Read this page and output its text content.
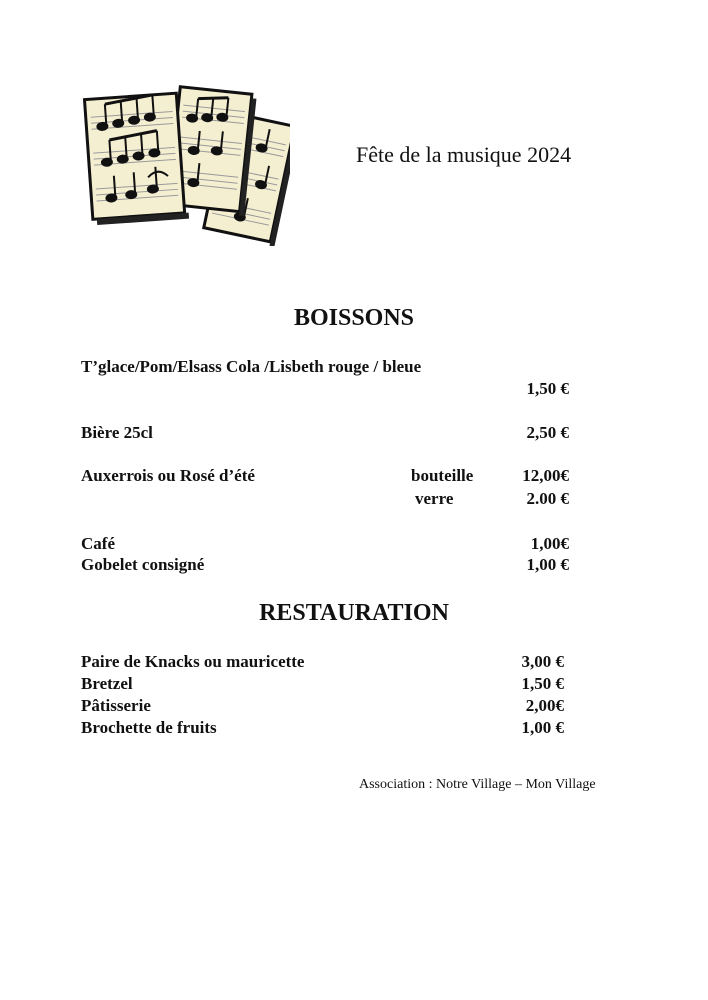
Fête de la musique 2024
BOISSONS
T’glace/Pom/Elsass Cola /Lisbeth rouge / bleue
1,50 €
Bière 25cl	2,50 €
Auxerrois ou Rosé d’été	bouteille	12,00€
verre	2.00 €
Café	1,00€
Gobelet consigné	1,00 €
RESTAURATION
Paire de Knacks ou mauricette	3,00 €
Bretzel	1,50 €
Pâtisserie	2,00€
Brochette de fruits	1,00 €
Association : Notre Village – Mon Village
